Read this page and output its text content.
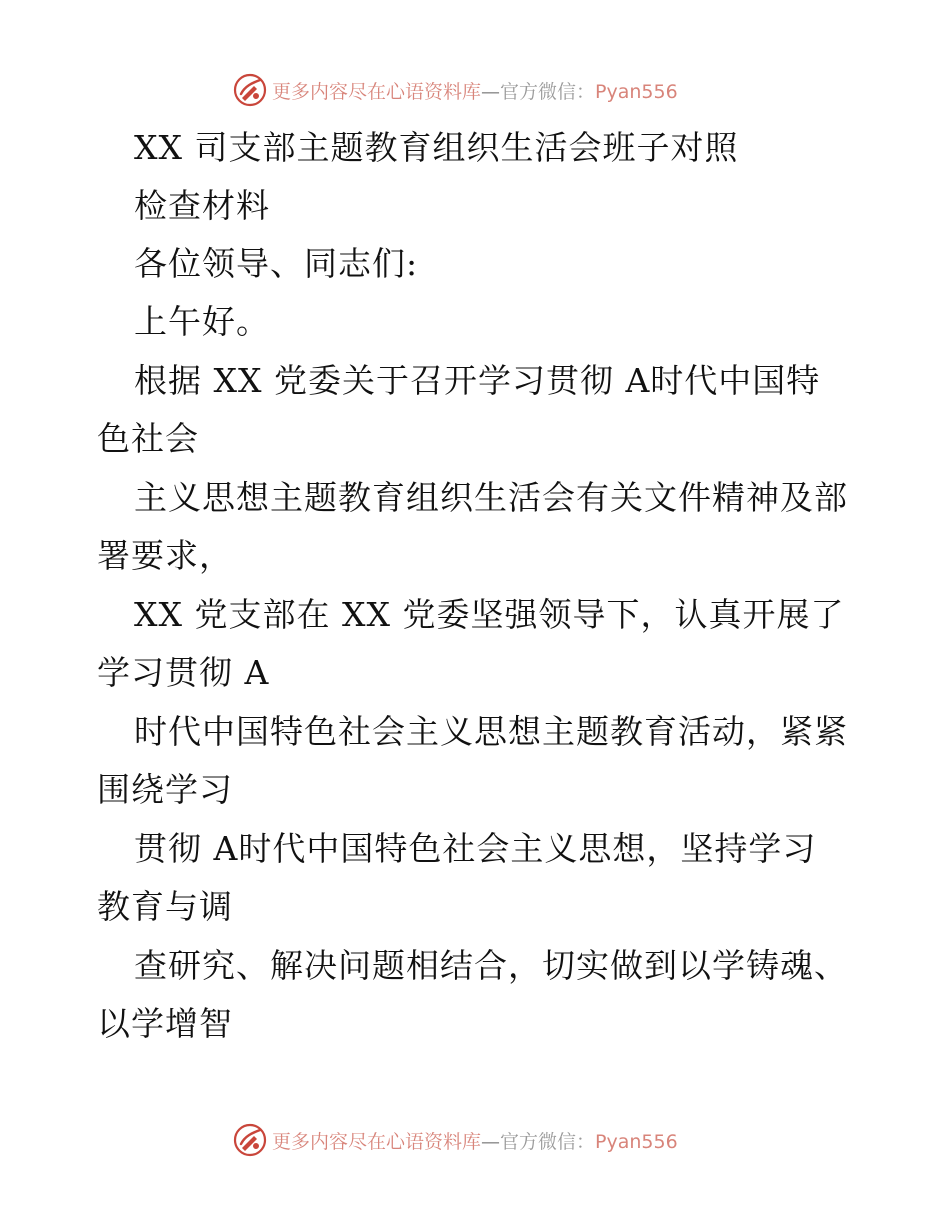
更多内容尽在心语资料库—官方微信：Pyan556
XX 司支部主题教育组织生活会班子对照
检查材料
各位领导、同志们:
上午好。
根据 XX 党委关于召开学习贯彻 A时代中国特
色社会
主义思想主题教育组织生活会有关文件精神及部
署要求，
XX 党支部在 XX 党委坚强领导下，认真开展了
学习贯彻 A
时代中国特色社会主义思想主题教育活动，紧紧
围绕学习
贯彻 A时代中国特色社会主义思想，坚持学习
教育与调
查研究、解决问题相结合，切实做到以学铸魂、
以学增智
更多内容尽在心语资料库—官方微信：Pyan556
